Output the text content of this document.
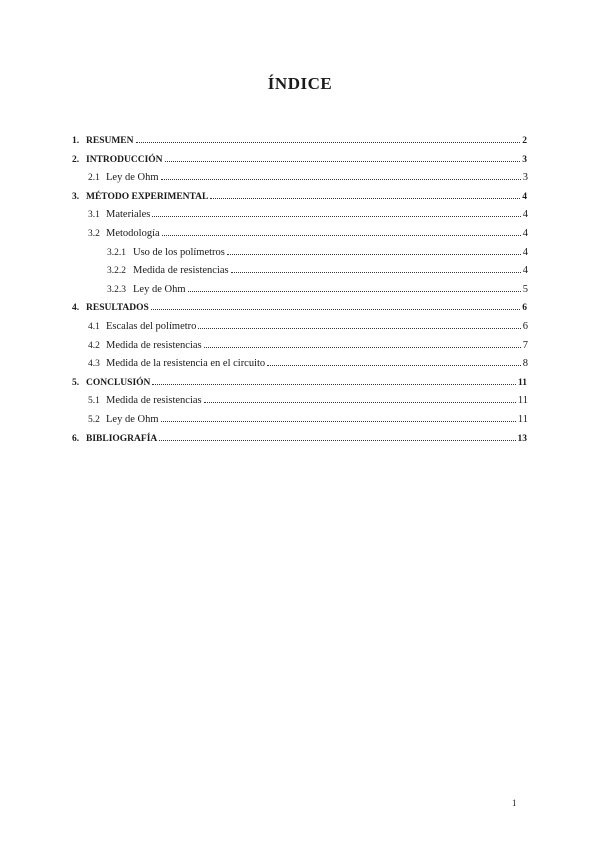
ÍNDICE
1. RESUMEN	2
2. INTRODUCCIÓN	3
2.1 Ley de Ohm	3
3. MÉTODO EXPERIMENTAL	4
3.1 Materiales	4
3.2 Metodología	4
3.2.1 Uso de los polímetros	4
3.2.2 Medida de resistencias	4
3.2.3 Ley de Ohm	5
4. RESULTADOS	6
4.1 Escalas del polímetro	6
4.2 Medida de resistencias	7
4.3 Medida de la resistencia en el circuito	8
5. CONCLUSIÓN	11
5.1 Medida de resistencias	11
5.2 Ley de Ohm	11
6. BIBLIOGRAFÍA	13
1
